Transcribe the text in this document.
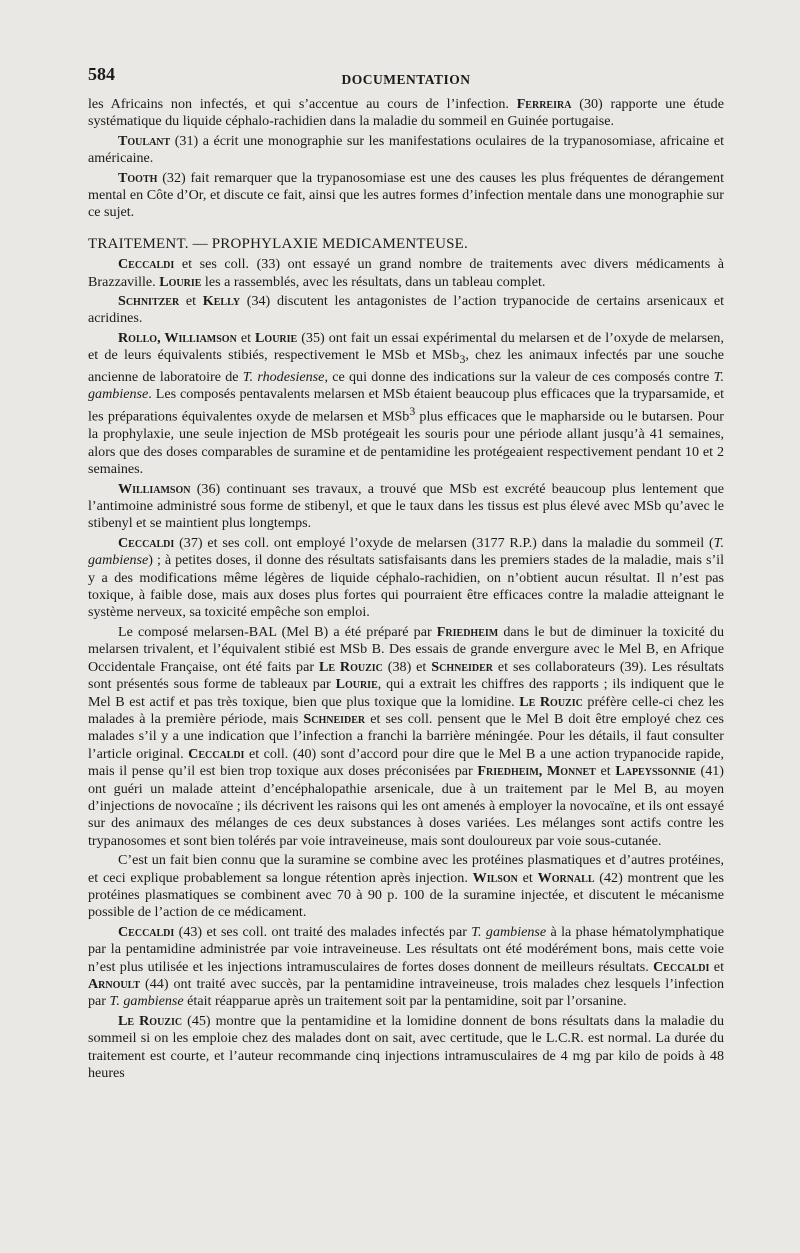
584	DOCUMENTATION

les Africains non infectés, et qui s’accentue au cours de l’infection. Ferreira (30) rapporte une étude systématique du liquide céphalo-rachidien dans la maladie du sommeil en Guinée portugaise.

Toulant (31) a écrit une monographie sur les manifestations oculaires de la trypanosomiase, africaine et américaine.

Tooth (32) fait remarquer que la trypanosomiase est une des causes les plus fréquentes de dérangement mental en Côte d’Or, et discute ce fait, ainsi que les autres formes d’infection mentale dans une monographie sur ce sujet.

TRAITEMENT. — PROPHYLAXIE MEDICAMENTEUSE.

Ceccaldi et ses coll. (33) ont essayé un grand nombre de traitements avec divers médicaments à Brazzaville. Lourie les a rassemblés, avec les résultats, dans un tableau complet.

Schnitzer et Kelly (34) discutent les antagonistes de l’action trypanocide de certains arsenicaux et acridines.

Rollo, Williamson et Lourie (35) ont fait un essai expérimental du melarsen et de l’oxyde de melarsen, et de leurs équivalents stibiés, respectivement le MSb et MSb$_3$, chez les animaux infectés par une souche ancienne de laboratoire de T. rhodesiense, ce qui donne des indications sur la valeur de ces composés contre T. gambiense. Les composés pentavalents melarsen et MSb étaient beaucoup plus efficaces que la tryparsamide, et les préparations équivalentes oxyde de melarsen et MSb$^3$ plus efficaces que le mapharside ou le butarsen. Pour la prophylaxie, une seule injection de MSb protégeait les souris pour une période allant jusqu’à 41 semaines, alors que des doses comparables de suramine et de pentamidine les protégeaient respectivement pendant 10 et 2 semaines.

Williamson (36) continuant ses travaux, a trouvé que MSb est excrété beaucoup plus lentement que l’antimoine administré sous forme de stibenyl, et que le taux dans les tissus est plus élevé avec MSb qu’avec le stibenyl et se maintient plus longtemps.

Ceccaldi (37) et ses coll. ont employé l’oxyde de melarsen (3177 R.P.) dans la maladie du sommeil (T. gambiense) ; à petites doses, il donne des résultats satisfaisants dans les premiers stades de la maladie, mais s’il y a des modifications même légères de liquide céphalo-rachidien, on n’obtient aucun résultat. Il n’est pas toxique, à faible dose, mais aux doses plus fortes qui pourraient être efficaces contre la maladie atteignant le système nerveux, sa toxicité empêche son emploi.

Le composé melarsen-BAL (Mel B) a été préparé par Friedheim dans le but de diminuer la toxicité du melarsen trivalent, et l’équivalent stibié est MSb B. Des essais de grande envergure avec le Mel B, en Afrique Occidentale Française, ont été faits par Le Rouzic (38) et Schneider et ses collaborateurs (39). Les résultats sont présentés sous forme de tableaux par Lourie, qui a extrait les chiffres des rapports ; ils indiquent que le Mel B est actif et pas très toxique, bien que plus toxique que la lomidine. Le Rouzic préfère celle-ci chez les malades à la première période, mais Schneider et ses coll. pensent que le Mel B doit être employé chez ces malades s’il y a une indication que l’infection a franchi la barrière méningée. Pour les détails, il faut consulter l’article original. Ceccaldi et coll. (40) sont d’accord pour dire que le Mel B a une action trypanocide rapide, mais il pense qu’il est bien trop toxique aux doses préconisées par Friedheim, Monnet et Lapeyssonnie (41) ont guéri un malade atteint d’encéphalopathie arsenicale, due à un traitement par le Mel B, au moyen d’injections de novocaïne ; ils décrivent les raisons qui les ont amenés à employer la novocaïne, et ils ont essayé sur des animaux des mélanges de ces deux substances à doses variées. Les mélanges sont actifs contre les trypanosomes et sont bien tolérés par voie intraveineuse, mais sont douloureux par voie sous-cutanée.

C’est un fait bien connu que la suramine se combine avec les protéines plasmatiques et d’autres protéines, et ceci explique probablement sa longue rétention après injection. Wilson et Wornall (42) montrent que les protéines plasmatiques se combinent avec 70 à 90 p. 100 de la suramine injectée, et discutent le mécanisme possible de l’action de ce médicament.

Ceccaldi (43) et ses coll. ont traité des malades infectés par T. gambiense à la phase hématolymphatique par la pentamidine administrée par voie intraveineuse. Les résultats ont été modérément bons, mais cette voie n’est plus utilisée et les injections intramusculaires de fortes doses donnent de meilleurs résultats. Ceccaldi et Arnoult (44) ont traité avec succès, par la pentamidine intraveineuse, trois malades chez lesquels l’infection par T. gambiense était réapparue après un traitement soit par la pentamidine, soit par l’orsanine.

Le Rouzic (45) montre que la pentamidine et la lomidine donnent de bons résultats dans la maladie du sommeil si on les emploie chez des malades dont on sait, avec certitude, que le L.C.R. est normal. La durée du traitement est courte, et l’auteur recommande cinq injections intramusculaires de 4 mg par kilo de poids à 48 heures
